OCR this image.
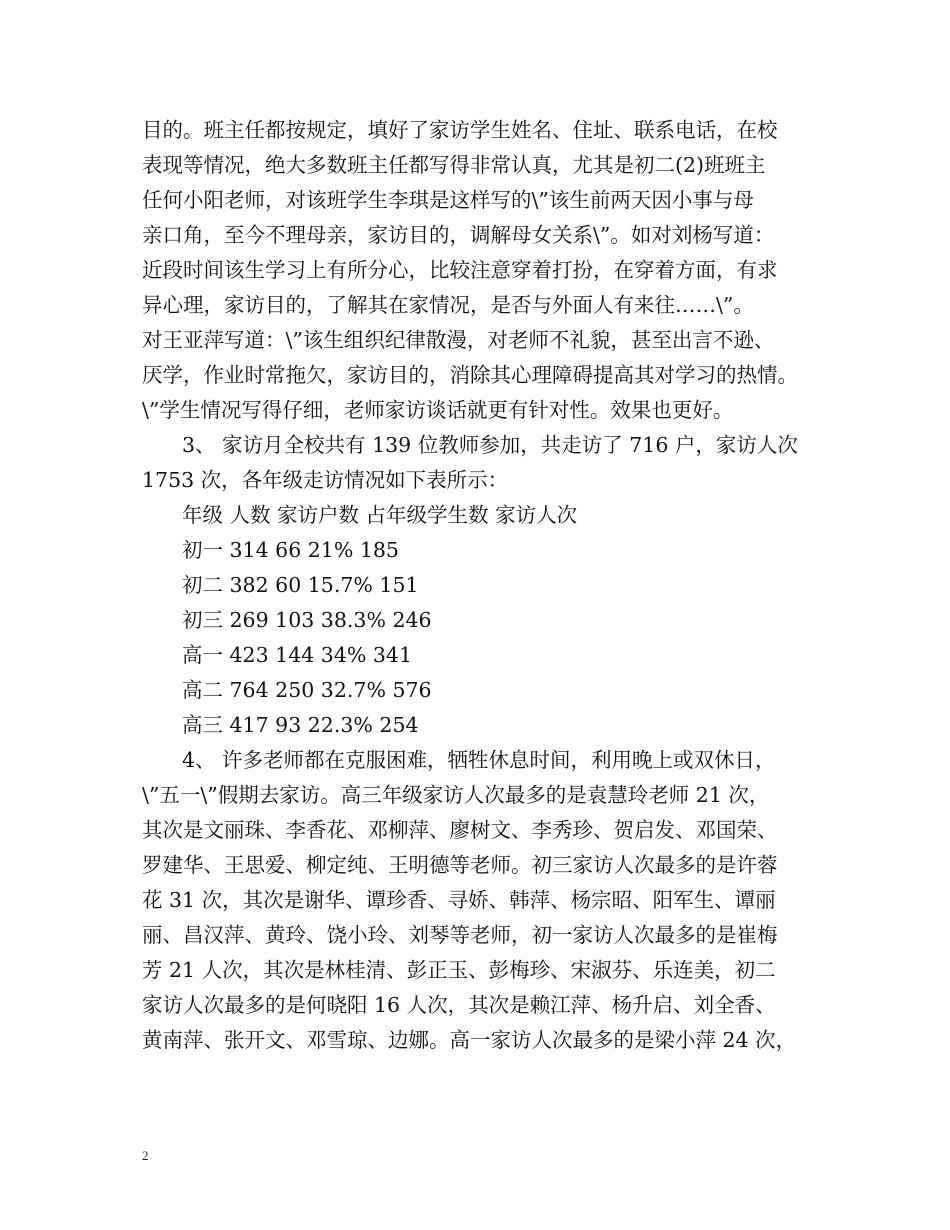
目的。班主任都按规定，填好了家访学生姓名、住址、联系电话，在校
表现等情况，绝大多数班主任都写得非常认真，尤其是初二(2)班班主
任何小阳老师，对该班学生李琪是这样写的\”该生前两天因小事与母
亲口角，至今不理母亲，家访目的，调解母女关系\”。如对刘杨写道：
近段时间该生学习上有所分心，比较注意穿着打扮，在穿着方面，有求
异心理，家访目的，了解其在家情况，是否与外面人有来往……\”。
对王亚萍写道：\”该生组织纪律散漫，对老师不礼貌，甚至出言不逊、
厌学，作业时常拖欠，家访目的，消除其心理障碍提高其对学习的热情。
\”学生情况写得仔细，老师家访谈话就更有针对性。效果也更好。
3、 家访月全校共有 139 位教师参加，共走访了 716 户，家访人次
1753 次，各年级走访情况如下表所示：
年级 人数 家访户数 占年级学生数 家访人次
初一 314 66 21% 185
初二 382 60 15.7% 151
初三 269 103 38.3% 246
高一 423 144 34% 341
高二 764 250 32.7% 576
高三 417 93 22.3% 254
4、 许多老师都在克服困难，牺牲休息时间，利用晚上或双休日，
\”五一\”假期去家访。高三年级家访人次最多的是袁慧玲老师 21 次，
其次是文丽珠、李香花、邓柳萍、廖树文、李秀珍、贺启发、邓国荣、
罗建华、王思爱、柳定纯、王明德等老师。初三家访人次最多的是许蓉
花 31 次，其次是谢华、谭珍香、寻娇、韩萍、杨宗昭、阳军生、谭丽
丽、昌汉萍、黄玲、饶小玲、刘琴等老师，初一家访人次最多的是崔梅
芳 21 人次，其次是林桂清、彭正玉、彭梅珍、宋淑芬、乐连美，初二
家访人次最多的是何晓阳 16 人次，其次是赖江萍、杨升启、刘全香、
黄南萍、张开文、邓雪琼、边娜。高一家访人次最多的是梁小萍 24 次，
2
